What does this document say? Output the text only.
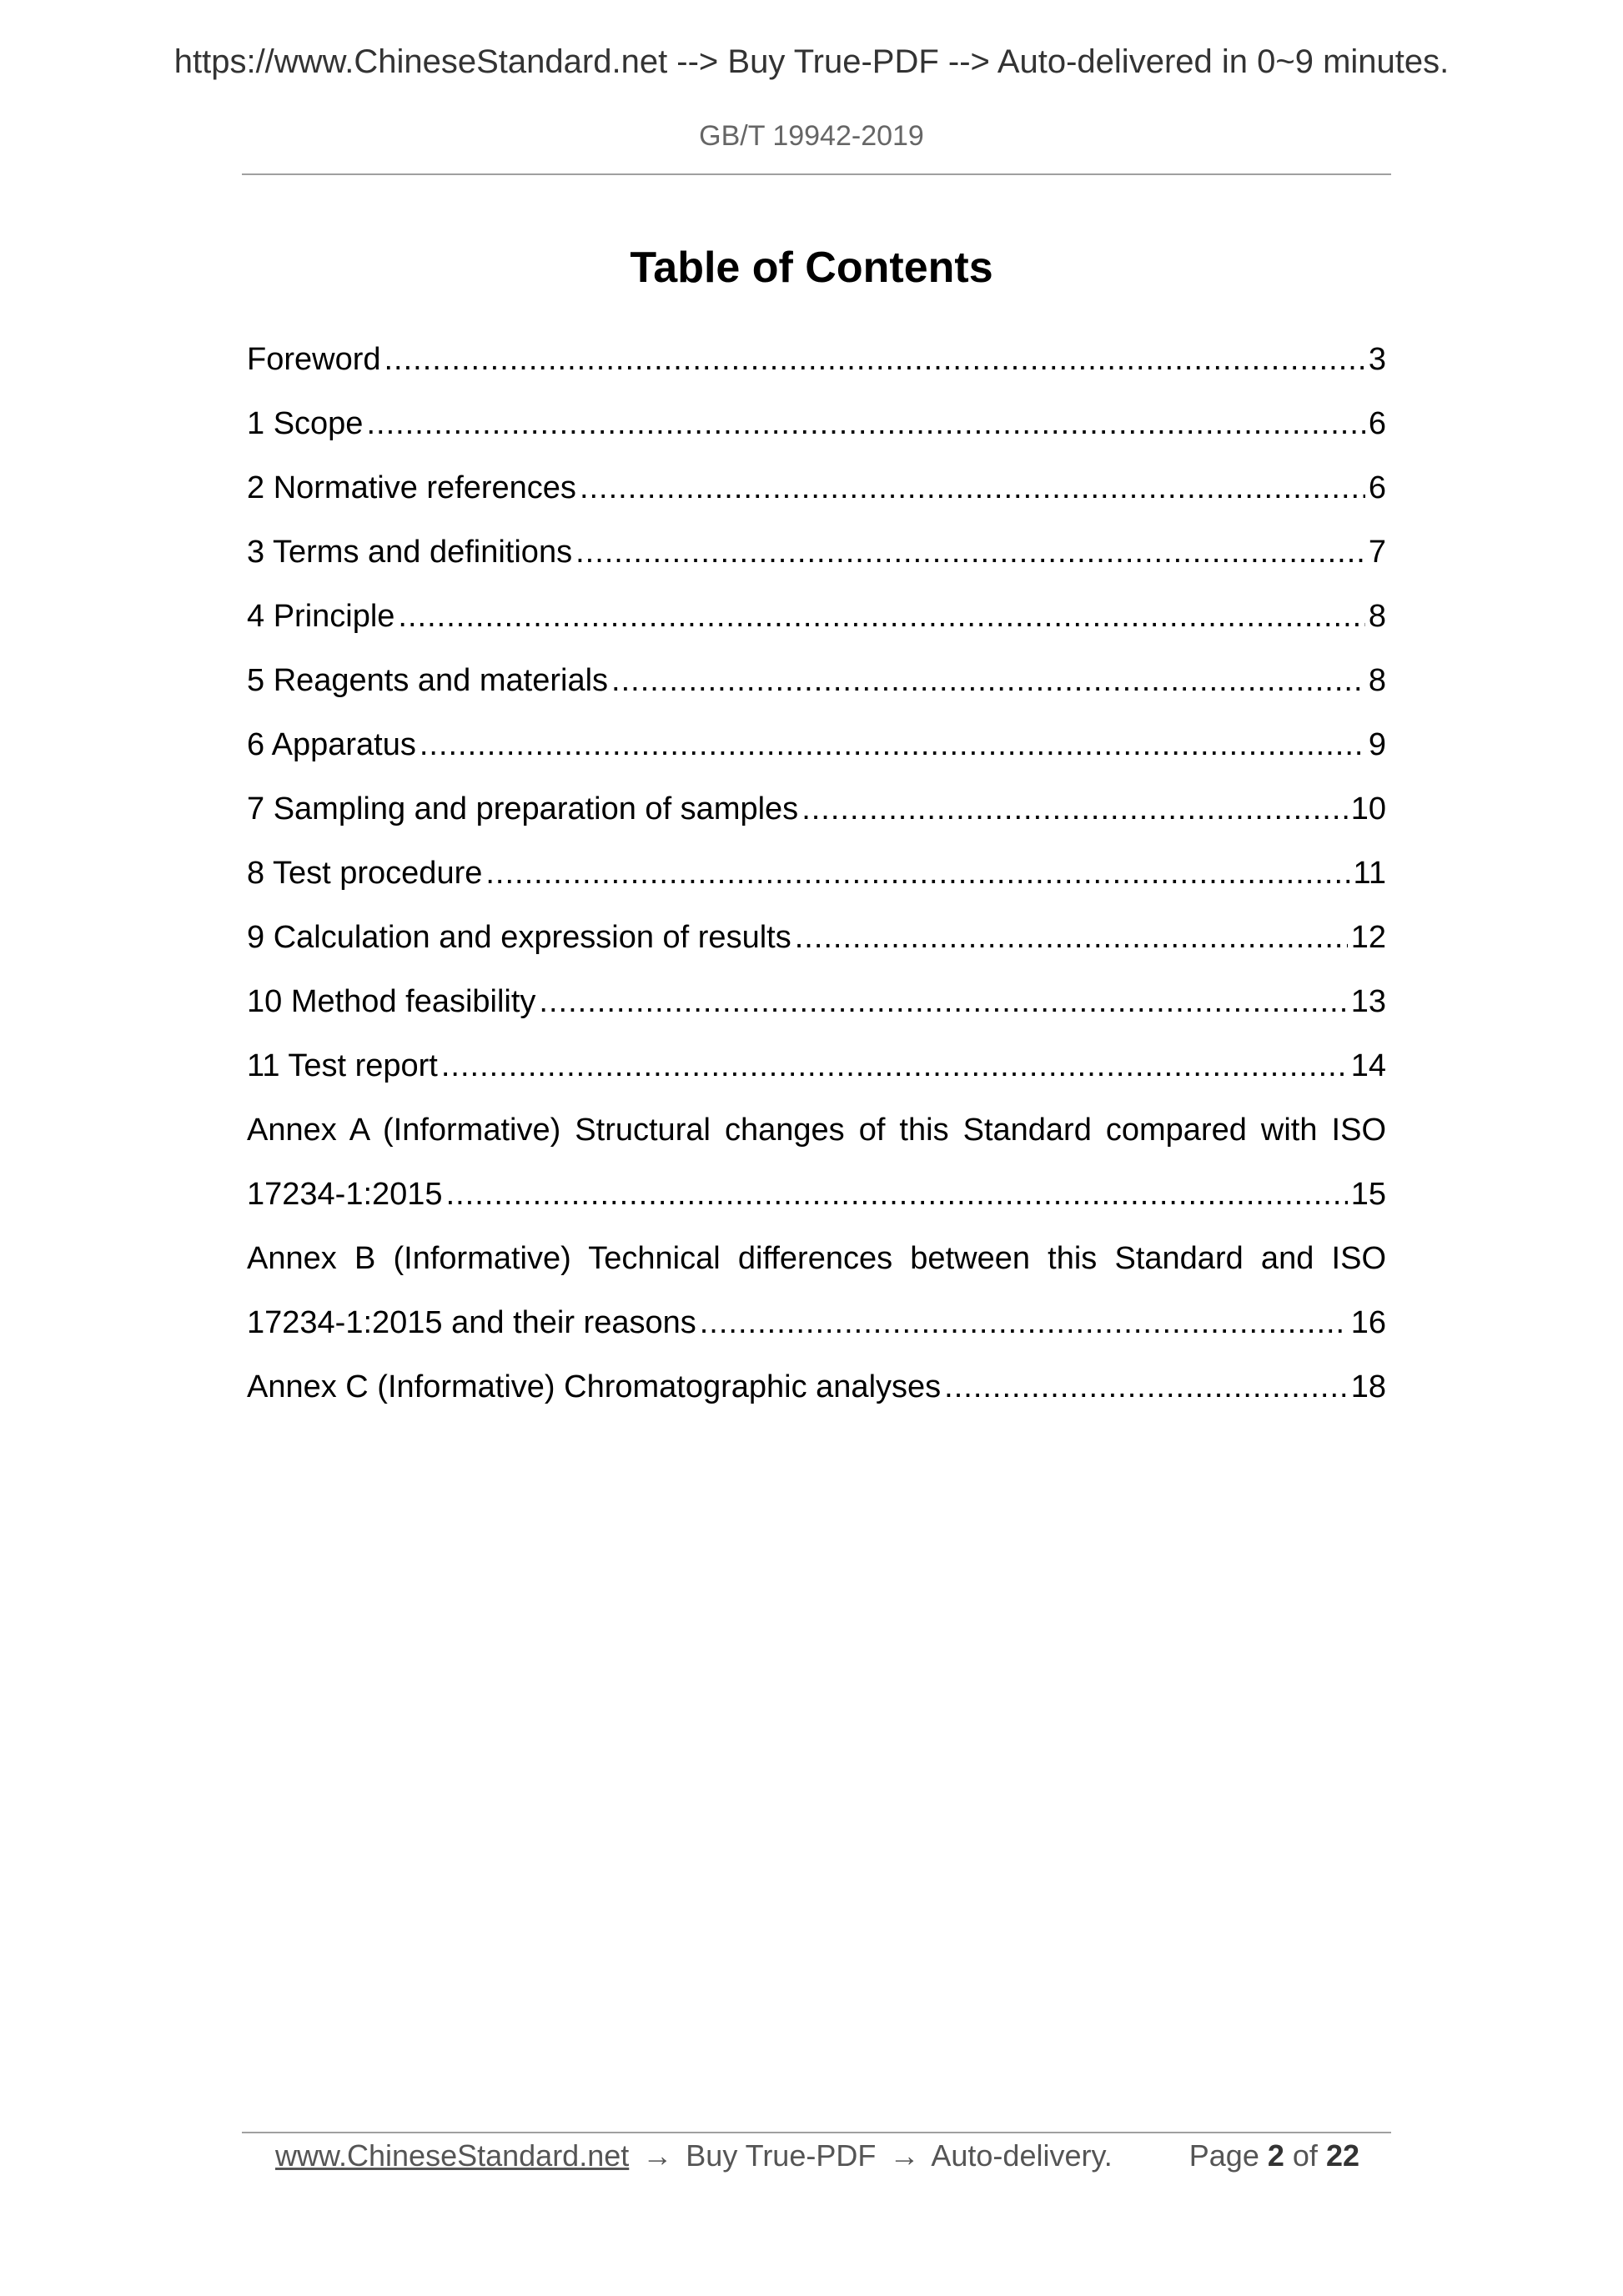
https://www.ChineseStandard.net --> Buy True-PDF --> Auto-delivered in 0~9 minutes.
GB/T 19942-2019
Table of Contents
Foreword .....	3
1 Scope .....	6
2 Normative references .....	6
3 Terms and definitions .....	7
4 Principle .....	8
5 Reagents and materials .....	8
6 Apparatus .....	9
7 Sampling and preparation of samples .....	10
8 Test procedure .....	11
9 Calculation and expression of results .....	12
10 Method feasibility .....	13
11 Test report .....	14
Annex A (Informative) Structural changes of this Standard compared with ISO
17234-1:2015 .....	15
Annex B (Informative) Technical differences between this Standard and ISO
17234-1:2015 and their reasons .....	16
Annex C (Informative) Chromatographic analyses .....	18
www.ChineseStandard.net → Buy True-PDF → Auto-delivery.	Page 2 of 22
